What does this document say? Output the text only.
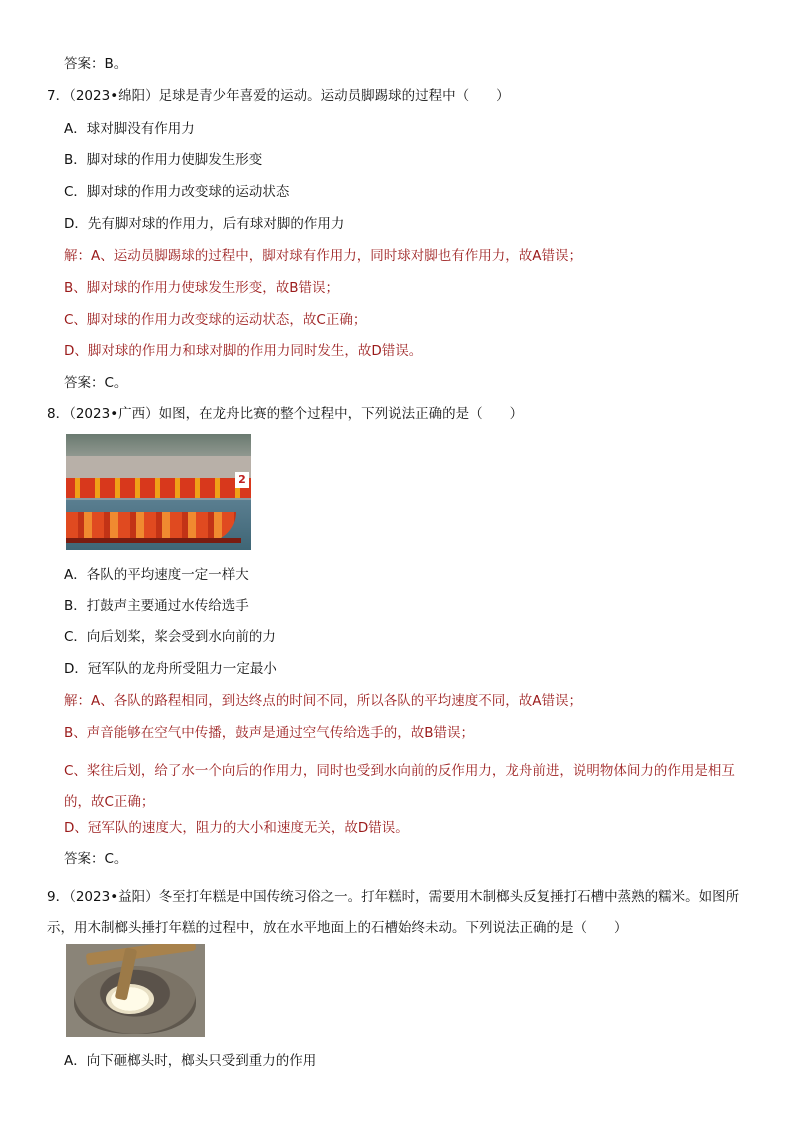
答案：B。
7．（2023•绵阳）足球是青少年喜爱的运动。运动员脚踢球的过程中（　　）
A．球对脚没有作用力
B．脚对球的作用力使脚发生形变
C．脚对球的作用力改变球的运动状态
D．先有脚对球的作用力，后有球对脚的作用力
解：A、运动员脚踢球的过程中，脚对球有作用力，同时球对脚也有作用力，故A错误；
B、脚对球的作用力使球发生形变，故B错误；
C、脚对球的作用力改变球的运动状态，故C正确；
D、脚对球的作用力和球对脚的作用力同时发生，故D错误。
答案：C。
8．（2023•广西）如图，在龙舟比赛的整个过程中，下列说法正确的是（　　）
2
A．各队的平均速度一定一样大
B．打鼓声主要通过水传给选手
C．向后划桨，桨会受到水向前的力
D．冠军队的龙舟所受阻力一定最小
解：A、各队的路程相同，到达终点的时间不同，所以各队的平均速度不同，故A错误；
B、声音能够在空气中传播，鼓声是通过空气传给选手的，故B错误；
C、桨往后划，给了水一个向后的作用力，同时也受到水向前的反作用力，龙舟前进，说明物体间力的作用是相互的，故C正确；
D、冠军队的速度大，阻力的大小和速度无关，故D错误。
答案：C。
9．（2023•益阳）冬至打年糕是中国传统习俗之一。打年糕时，需要用木制榔头反复捶打石槽中蒸熟的糯米。如图所示，用木制榔头捶打年糕的过程中，放在水平地面上的石槽始终未动。下列说法正确的是（　　）
A．向下砸榔头时，榔头只受到重力的作用
